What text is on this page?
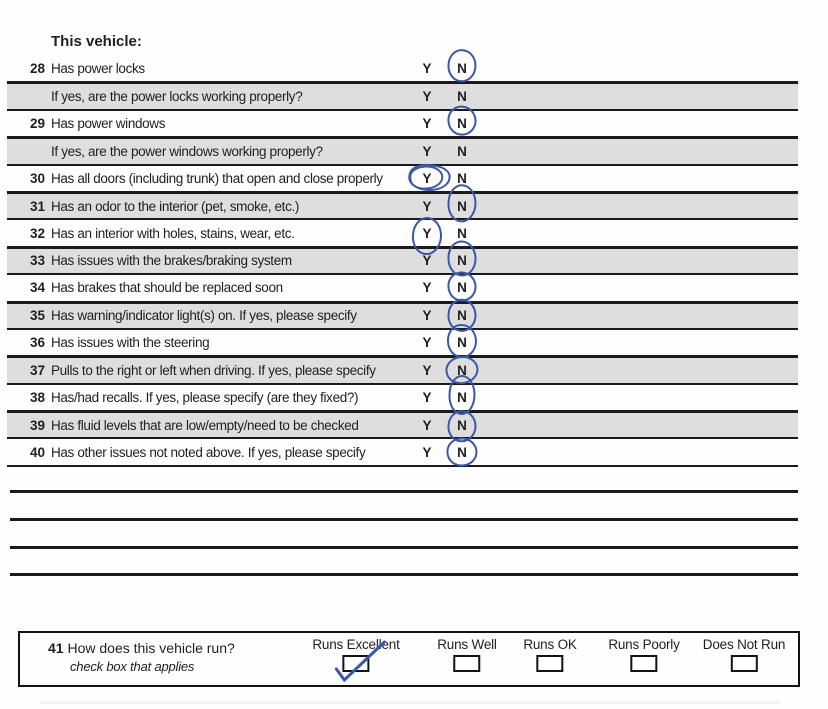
This vehicle:
28 Has power locks	Y N
If yes, are the power locks working properly?	Y N
29 Has power windows	Y N
If yes, are the power windows working properly?	Y N
30 Has all doors (including trunk) that open and close properly	Y N
31 Has an odor to the interior (pet, smoke, etc.)	Y N
32 Has an interior with holes, stains, wear, etc.	Y N
33 Has issues with the brakes/braking system	Y N
34 Has brakes that should be replaced soon	Y N
35 Has warning/indicator light(s) on. If yes, please specify	Y N
36 Has issues with the steering	Y N
37 Pulls to the right or left when driving. If yes, please specify	Y N
38 Has/had recalls. If yes, please specify (are they fixed?)	Y N
39 Has fluid levels that are low/empty/need to be checked	Y N
40 Has other issues not noted above. If yes, please specify	Y N
41 How does this vehicle run?
check box that applies
Runs Excellent	Runs Well Runs OK Runs Poorly Does Not Run
